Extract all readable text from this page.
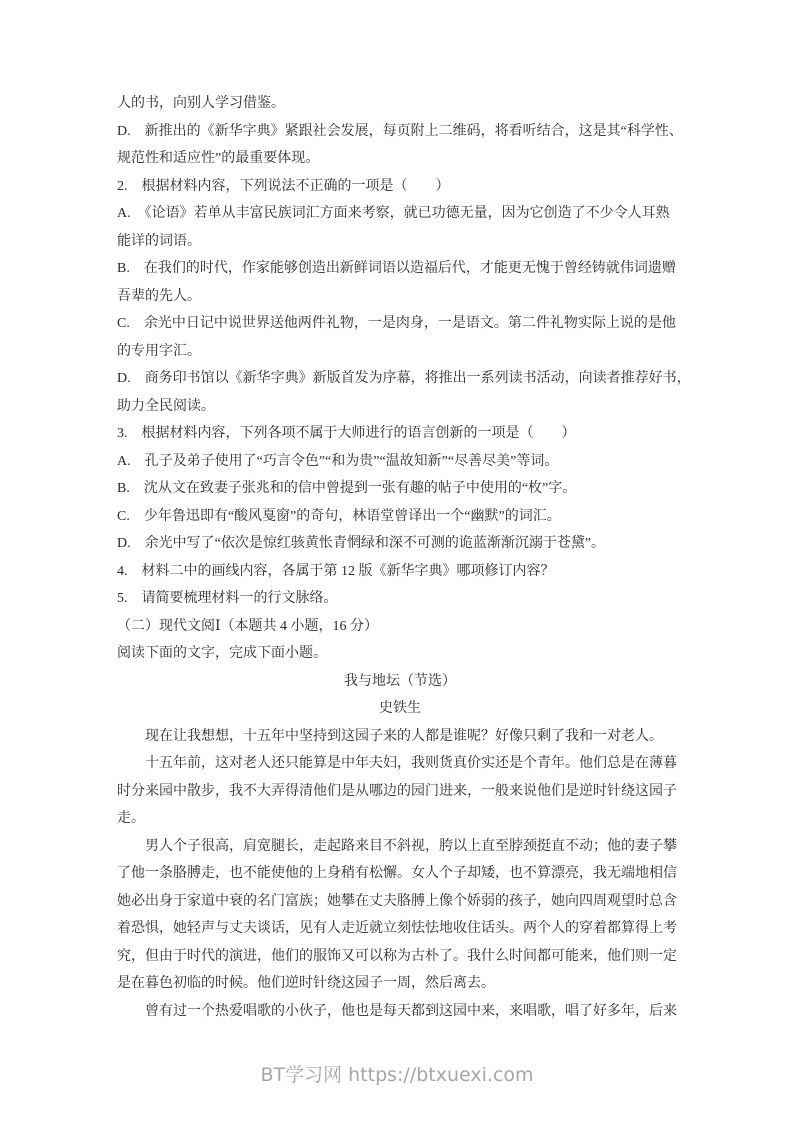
人的书，向别人学习借鉴。
D.　新推出的《新华字典》紧跟社会发展，每页附上二维码，将看听结合，这是其“科学性、
规范性和适应性”的最重要体现。
2.　根据材料内容，下列说法不正确的一项是（　　）
A.　《论语》若单从丰富民族词汇方面来考察，就已功德无量，因为它创造了不少令人耳熟
能详的词语。
B.　在我们的时代，作家能够创造出新鲜词语以造福后代，才能更无愧于曾经铸就伟词遗赠
吾辈的先人。
C.　余光中日记中说世界送他两件礼物，一是肉身，一是语文。第二件礼物实际上说的是他
的专用字汇。
D.　商务印书馆以《新华字典》新版首发为序幕，将推出一系列读书活动，向读者推荐好书，
助力全民阅读。
3.　根据材料内容，下列各项不属于大师进行的语言创新的一项是（　　）
A.　孔子及弟子使用了“巧言令色”“和为贵”“温故知新”“尽善尽美”等词。
B.　沈从文在致妻子张兆和的信中曾提到一张有趣的帖子中使用的“枚”字。
C.　少年鲁迅即有“酸风戛窗”的奇句，林语堂曾译出一个“幽默”的词汇。
D.　余光中写了“依次是惊红骇黄怅青惘绿和深不可测的诡蓝渐渐沉溺于苍黛”。
4.　材料二中的画线内容，各属于第 12 版《新华字典》哪项修订内容？
5.　请简要梳理材料一的行文脉络。
（二）现代文阅Ⅰ（本题共 4 小题，16 分）
阅读下面的文字，完成下面小题。
我与地坛（节选）
史铁生
现在让我想想，十五年中坚持到这园子来的人都是谁呢？好像只剩了我和一对老人。
十五年前，这对老人还只能算是中年夫妇，我则货真价实还是个青年。他们总是在薄暮
时分来园中散步，我不大弄得清他们是从哪边的园门进来，一般来说他们是逆时针绕这园子
走。
男人个子很高，肩宽腿长，走起路来目不斜视，胯以上直至脖颈挺直不动；他的妻子攀
了他一条胳膊走，也不能使他的上身稍有松懈。女人个子却矮，也不算漂亮，我无端地相信
她必出身于家道中衰的名门富族；她攀在丈夫胳膊上像个娇弱的孩子，她向四周观望时总含
着恐惧，她轻声与丈夫谈话，见有人走近就立刻怯怯地收住话头。两个人的穿着都算得上考
究，但由于时代的演进，他们的服饰又可以称为古朴了。我什么时间都可能来，他们则一定
是在暮色初临的时候。他们逆时针绕这园子一周，然后离去。
曾有过一个热爱唱歌的小伙子，他也是每天都到这园中来，来唱歌，唱了好多年，后来
BT学习网 https://btxuexi.com
